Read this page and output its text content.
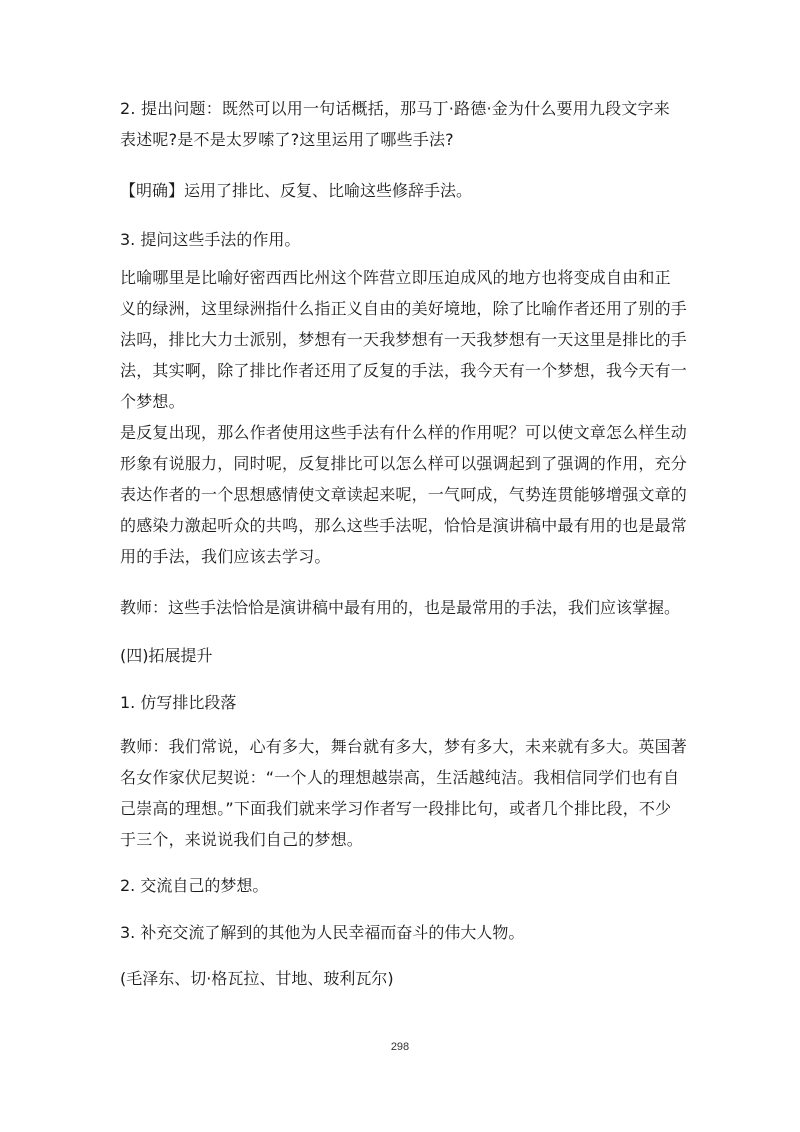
2. 提出问题：既然可以用一句话概括，那马丁·路德·金为什么要用九段文字来
表述呢?是不是太罗嗦了?这里运用了哪些手法?

【明确】运用了排比、反复、比喻这些修辞手法。

3. 提问这些手法的作用。

比喻哪里是比喻好密西西比州这个阵营立即压迫成风的地方也将变成自由和正
义的绿洲，这里绿洲指什么指正义自由的美好境地，除了比喻作者还用了别的手
法吗，排比大力士派别，梦想有一天我梦想有一天我梦想有一天这里是排比的手
法，其实啊，除了排比作者还用了反复的手法，我今天有一个梦想，我今天有一
个梦想。
是反复出现，那么作者使用这些手法有什么样的作用呢？可以使文章怎么样生动
形象有说服力，同时呢，反复排比可以怎么样可以强调起到了强调的作用，充分
表达作者的一个思想感情使文章读起来呢，一气呵成，气势连贯能够增强文章的
的感染力激起听众的共鸣，那么这些手法呢，恰恰是演讲稿中最有用的也是最常
用的手法，我们应该去学习。

教师：这些手法恰恰是演讲稿中最有用的，也是最常用的手法，我们应该掌握。

(四)拓展提升

1. 仿写排比段落

教师：我们常说，心有多大，舞台就有多大，梦有多大，未来就有多大。英国著
名女作家伏尼契说：“一个人的理想越崇高，生活越纯洁。我相信同学们也有自
己崇高的理想。”下面我们就来学习作者写一段排比句，或者几个排比段，不少
于三个，来说说我们自己的梦想。

2. 交流自己的梦想。

3. 补充交流了解到的其他为人民幸福而奋斗的伟大人物。

(毛泽东、切·格瓦拉、甘地、玻利瓦尔)

298
